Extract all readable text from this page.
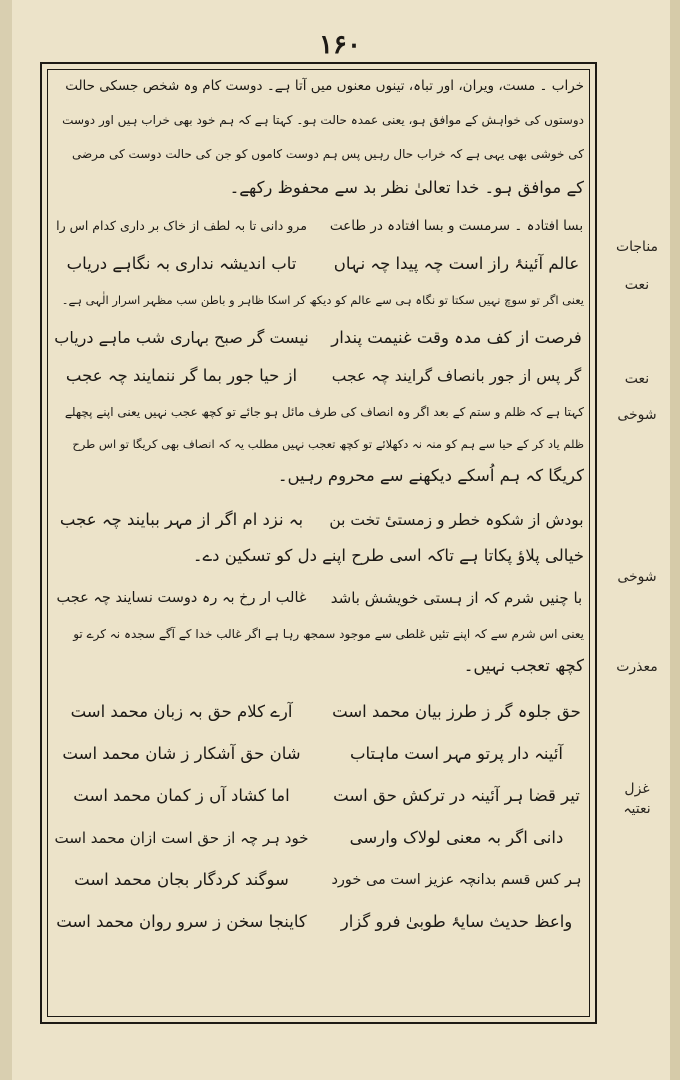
۱۶۰
مناجات
نعت
نعت
شوخی
شوخی
معذرت
غزل
نعتیہ
خراب ۔ مست، ویران، اور تباہ، تینوں معنوں میں آتا ہے۔ دوست کام وہ شخص جسکی حالت
دوستوں کی خواہش کے موافق ہو، یعنی عمدہ حالت ہو۔ کہتا ہے کہ ہم خود بھی خراب ہیں اور دوست
کی خوشی بھی یہی ہے کہ خراب حال رہیں پس ہم دوست کاموں کو جن کی حالت دوست کی مرضی
کے موافق ہو۔ خدا تعالیٰ نظر بد سے محفوظ رکھے۔
بسا افتادہ ۔ سرمست و بسا افتادہ در طاعت
مرو دانی تا بہ لطف از خاک بر داری کدام اس را
عالم آئینۂ راز است چہ پیدا چہ نہاں
تاب اندیشہ نداری بہ نگاہے دریاب
یعنی اگر تو سوچ نہیں سکتا تو نگاہ ہی سے عالم کو دیکھ کر اسکا ظاہر و باطن سب مظہر اسرار الٰہی ہے۔
فرصت از کف مدہ وقت غنیمت پندار
نیست گر صبح بہاری شب ماہے دریاب
گر پس از جور بانصاف گرایند چہ عجب
از حیا جور بما گر ننمایند چہ عجب
کہتا ہے کہ ظلم و ستم کے بعد اگر وہ انصاف کی طرف مائل ہو جائے تو کچھ عجب نہیں یعنی اپنے پچھلے
ظلم یاد کر کے حیا سے ہم کو منہ نہ دکھلائے تو کچھ تعجب نہیں مطلب یہ کہ انصاف بھی کریگا تو اس طرح
کریگا کہ ہم اُسکے دیکھنے سے محروم رہیں۔
بودش از شکوہ خطر و زمستیٔ تخت بن
بہ نزد ام اگر از مہر ببایند چہ عجب
خیالی پلاؤ پکاتا ہے تاکہ اسی طرح اپنے دل کو تسکین دے۔
با چنیں شرم کہ از ہستی خویشش باشد
غالب ار رخ بہ رہ دوست نسایند چہ عجب
یعنی اس شرم سے کہ اپنے تئیں غلطی سے موجود سمجھ رہا ہے اگر غالب خدا کے آگے سجدہ نہ کرے تو
کچھ تعجب نہیں۔
حق جلوہ گر ز طرز بیان محمد است
آرے کلام حق بہ زبان محمد است
آئینہ دار پرتو مہر است ماہتاب
شان حق آشکار ز شان محمد است
تیر قضا ہر آئینہ در ترکش حق است
اما کشاد آں ز کمان محمد است
دانی اگر بہ معنی لولاک وارسی
خود ہر چہ از حق است ازان محمد است
ہر کس قسم بدانچہ عزیز است می خورد
سوگند کردگار بجان محمد است
واعظ حدیث سایۂ طوبیٰ فرو گزار
کاینجا سخن ز سرو روان محمد است
